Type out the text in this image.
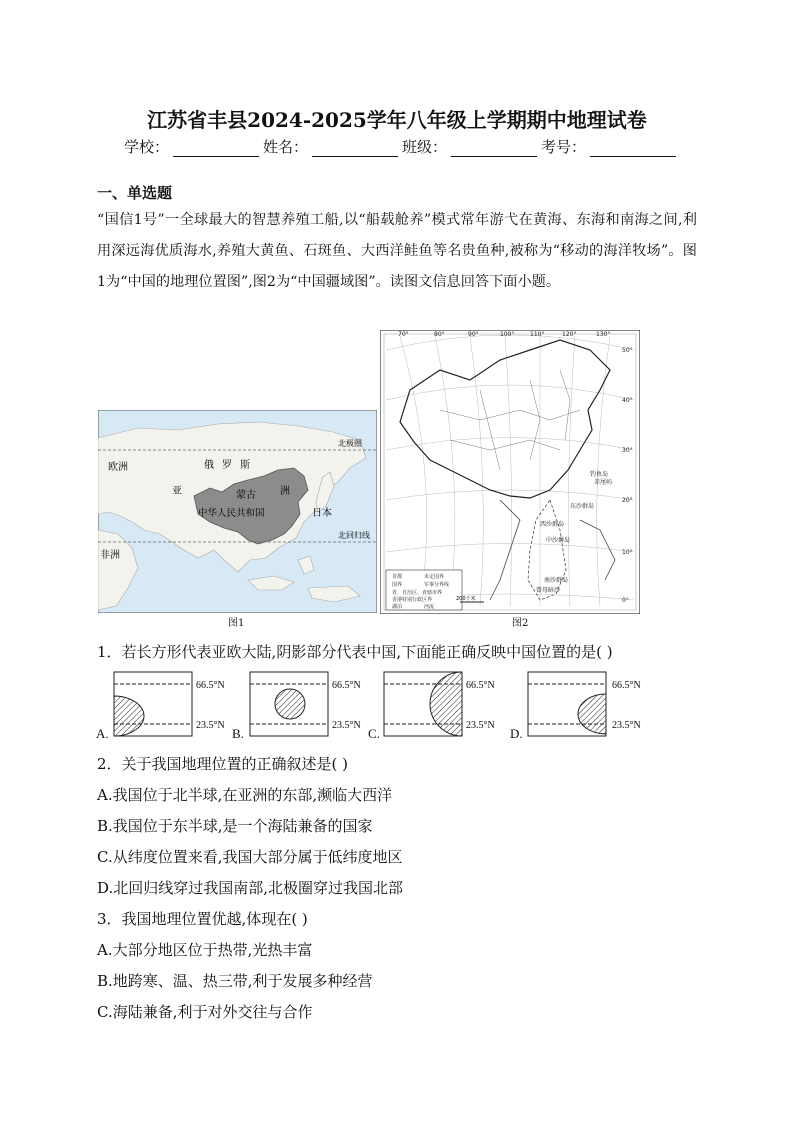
江苏省丰县2024-2025学年八年级上学期期中地理试卷
学校：	姓名：	班级：	考号：
一、单选题
“国信1号”一全球最大的智慧养殖工船,以“船载舱养”模式常年游弋在黄海、东海和南海之间,利用深远海优质海水,养殖大黄鱼、石斑鱼、大西洋鲑鱼等名贵鱼种,被称为“移动的海洋牧场”。图1为“中国的地理位置图”,图2为“中国疆域图”。读图文信息回答下面小题。
欧洲	俄罗斯
亚	蒙古 洲
中华人民共和国	日本
非洲
北极圈
北回归线
图1
70°	80°	90°	100°	110°	120°	130°
50°
40°
30°
20°
10°
0°
钓鱼岛
赤尾屿
东沙群岛
西沙群岛
中沙群岛
南沙群岛
曾母暗沙
首都	未定国界
国界	军事分界线
省、自治区、直辖市界
香港特别行政区界
湖泊	河流
200千米
图2
1．若长方形代表亚欧大陆,阴影部分代表中国,下面能正确反映中国位置的是( )
A.
66.5°N
23.5°N
B.
66.5°N
23.5°N
66.5°N
23.5°N
C.
66.5°N
23.5°N
D.
2．关于我国地理位置的正确叙述是( )
A.我国位于北半球,在亚洲的东部,濒临大西洋
B.我国位于东半球,是一个海陆兼备的国家
C.从纬度位置来看,我国大部分属于低纬度地区
D.北回归线穿过我国南部,北极圈穿过我国北部
3．我国地理位置优越,体现在( )
A.大部分地区位于热带,光热丰富
B.地跨寒、温、热三带,利于发展多种经营
C.海陆兼备,利于对外交往与合作
